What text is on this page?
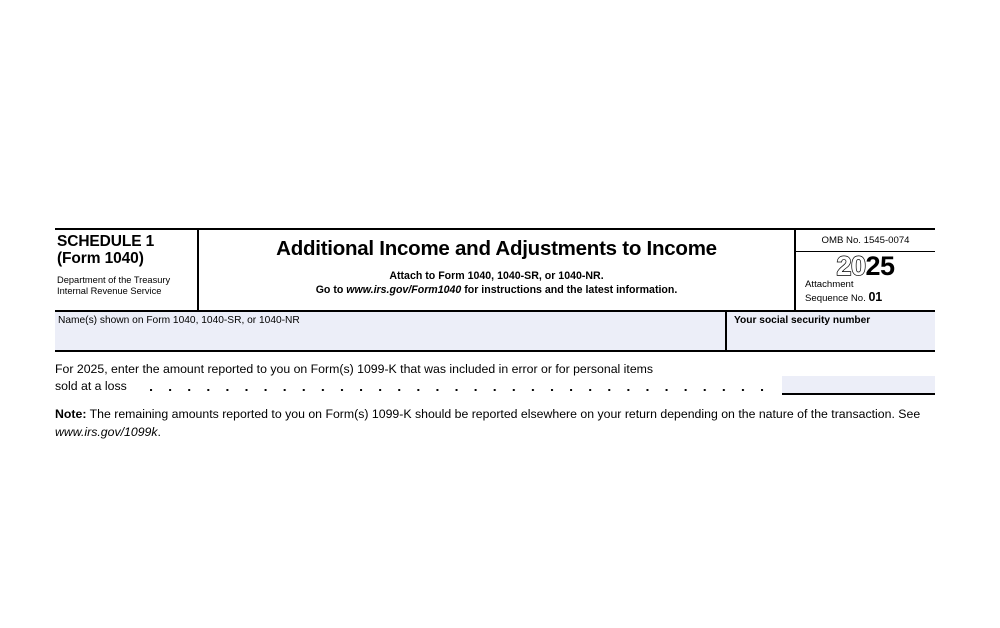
SCHEDULE 1
(Form 1040)
Department of the Treasury
Internal Revenue Service
Additional Income and Adjustments to Income
Attach to Form 1040, 1040-SR, or 1040-NR.
Go to www.irs.gov/Form1040 for instructions and the latest information.
OMB No. 1545-0074
2025
Attachment
Sequence No. 01
Name(s) shown on Form 1040, 1040-SR, or 1040-NR	Your social security number
For 2025, enter the amount reported to you on Form(s) 1099-K that was included in error or for personal items
sold at a loss
Note: The remaining amounts reported to you on Form(s) 1099-K should be reported elsewhere on your return depending on the nature of the transaction. See www.irs.gov/1099k.
